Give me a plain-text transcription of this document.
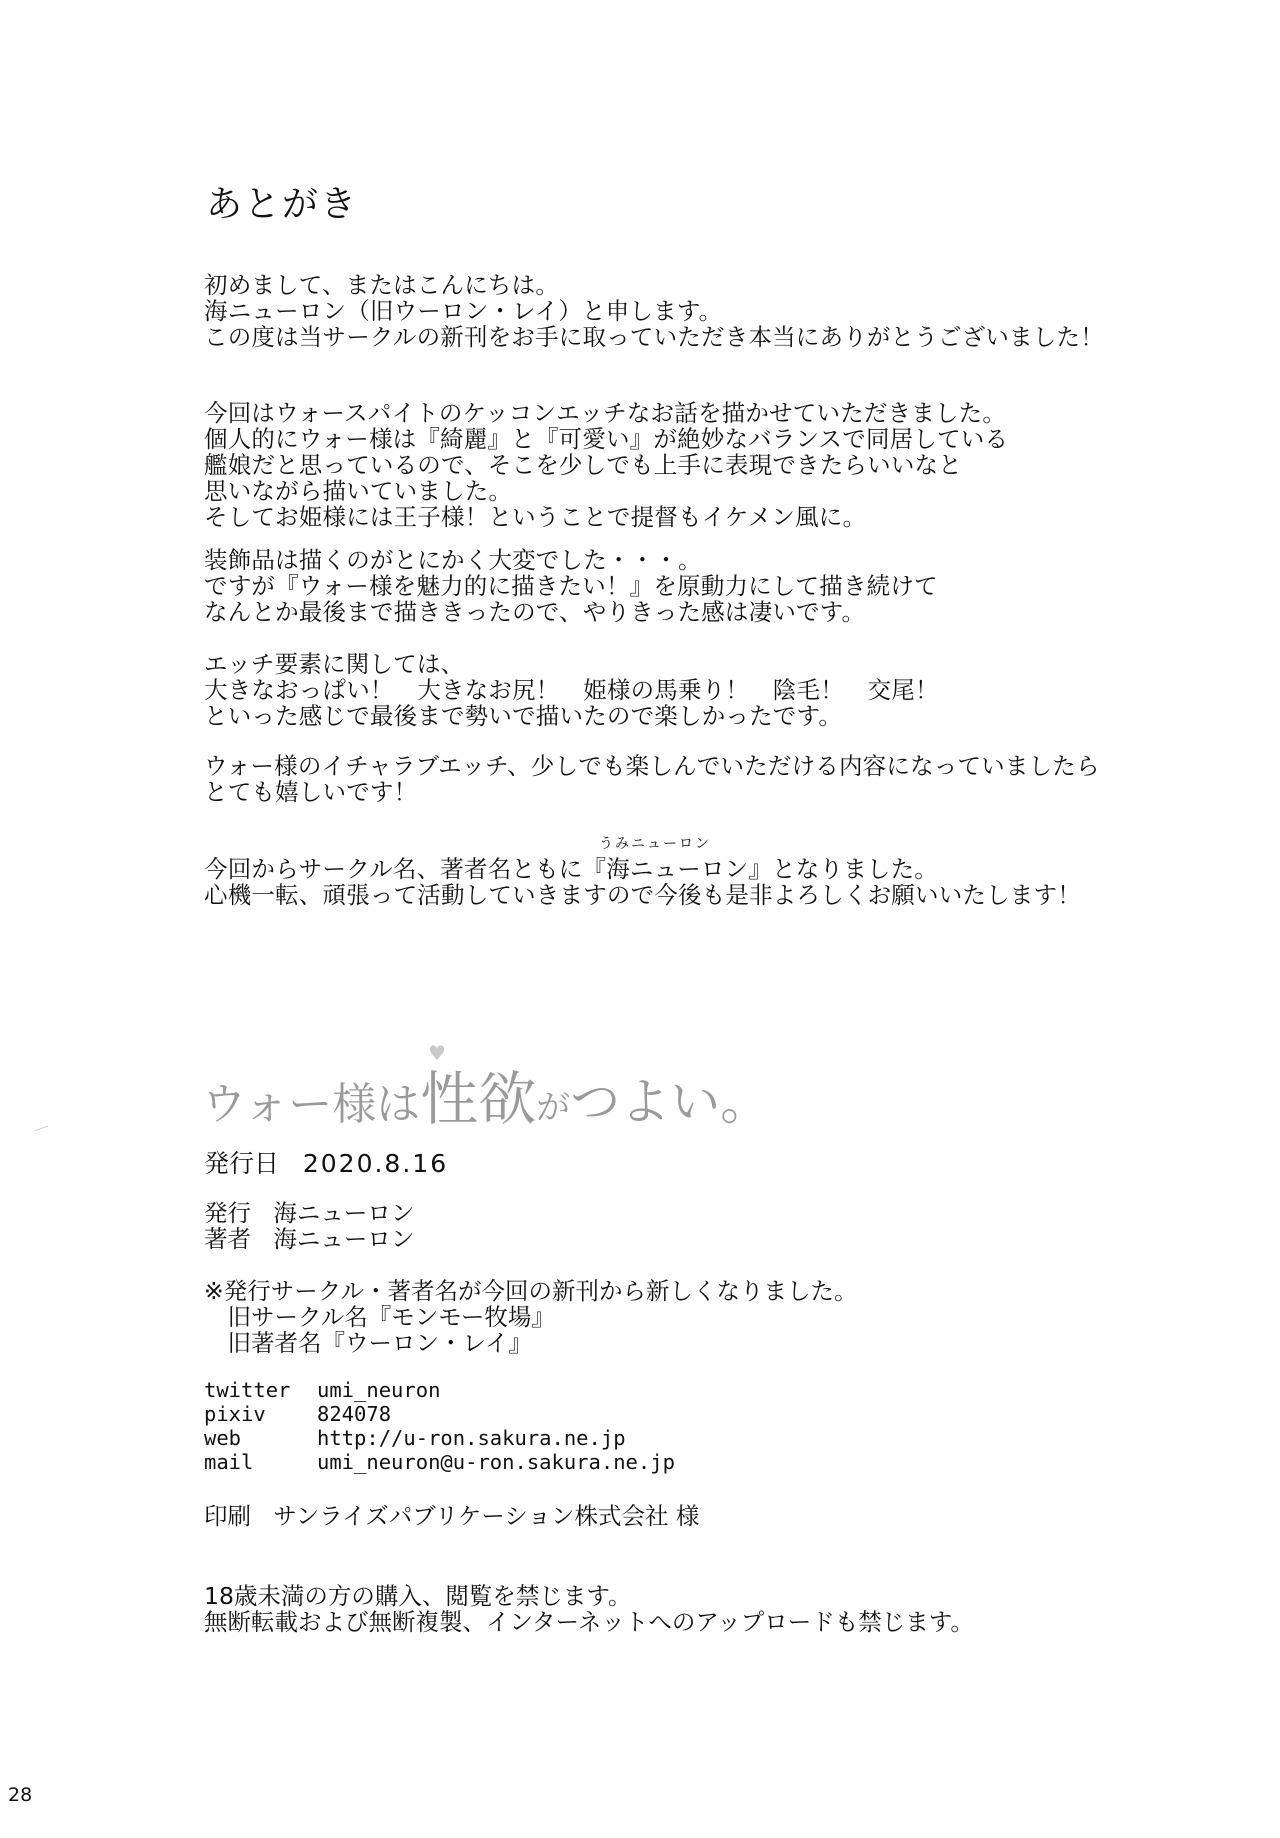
あとがき

初めまして、またはこんにちは。
海ニューロン（旧ウーロン・レイ）と申します。
この度は当サークルの新刊をお手に取っていただき本当にありがとうございました！

今回はウォースパイトのケッコンエッチなお話を描かせていただきました。
個人的にウォー様は『綺麗』と『可愛い』が絶妙なバランスで同居している
艦娘だと思っているので、そこを少しでも上手に表現できたらいいなと
思いながら描いていました。
そしてお姫様には王子様！ということで提督もイケメン風に。

装飾品は描くのがとにかく大変でした・・・。
ですが『ウォー様を魅力的に描きたい！』を原動力にして描き続けて
なんとか最後まで描ききったので、やりきった感は凄いです。

エッチ要素に関しては、
大きなおっぱい！　大きなお尻！　姫様の馬乗り！　陰毛！　交尾！
といった感じで最後まで勢いで描いたので楽しかったです。

ウォー様のイチャラブエッチ、少しでも楽しんでいただける内容になっていましたら
とても嬉しいです！

うみニューロン
今回からサークル名、著者名ともに『海ニューロン』となりました。
心機一転、頑張って活動していきますので今後も是非よろしくお願いいたします！

♥
ウォー様は性欲がつよい。

発行日 2020.8.16

発行 海ニューロン
著者 海ニューロン

※発行サークル・著者名が今回の新刊から新しくなりました。
　旧サークル名『モンモー牧場』
　旧著者名『ウーロン・レイ』

twitter umi_neuron
pixiv	824078
web	http://u-ron.sakura.ne.jp
mail	umi_neuron@u-ron.sakura.ne.jp

印刷 サンライズパブリケーション株式会社 様

18歳未満の方の購入、閲覧を禁じます。
無断転載および無断複製、インターネットへのアップロードも禁じます。

28
